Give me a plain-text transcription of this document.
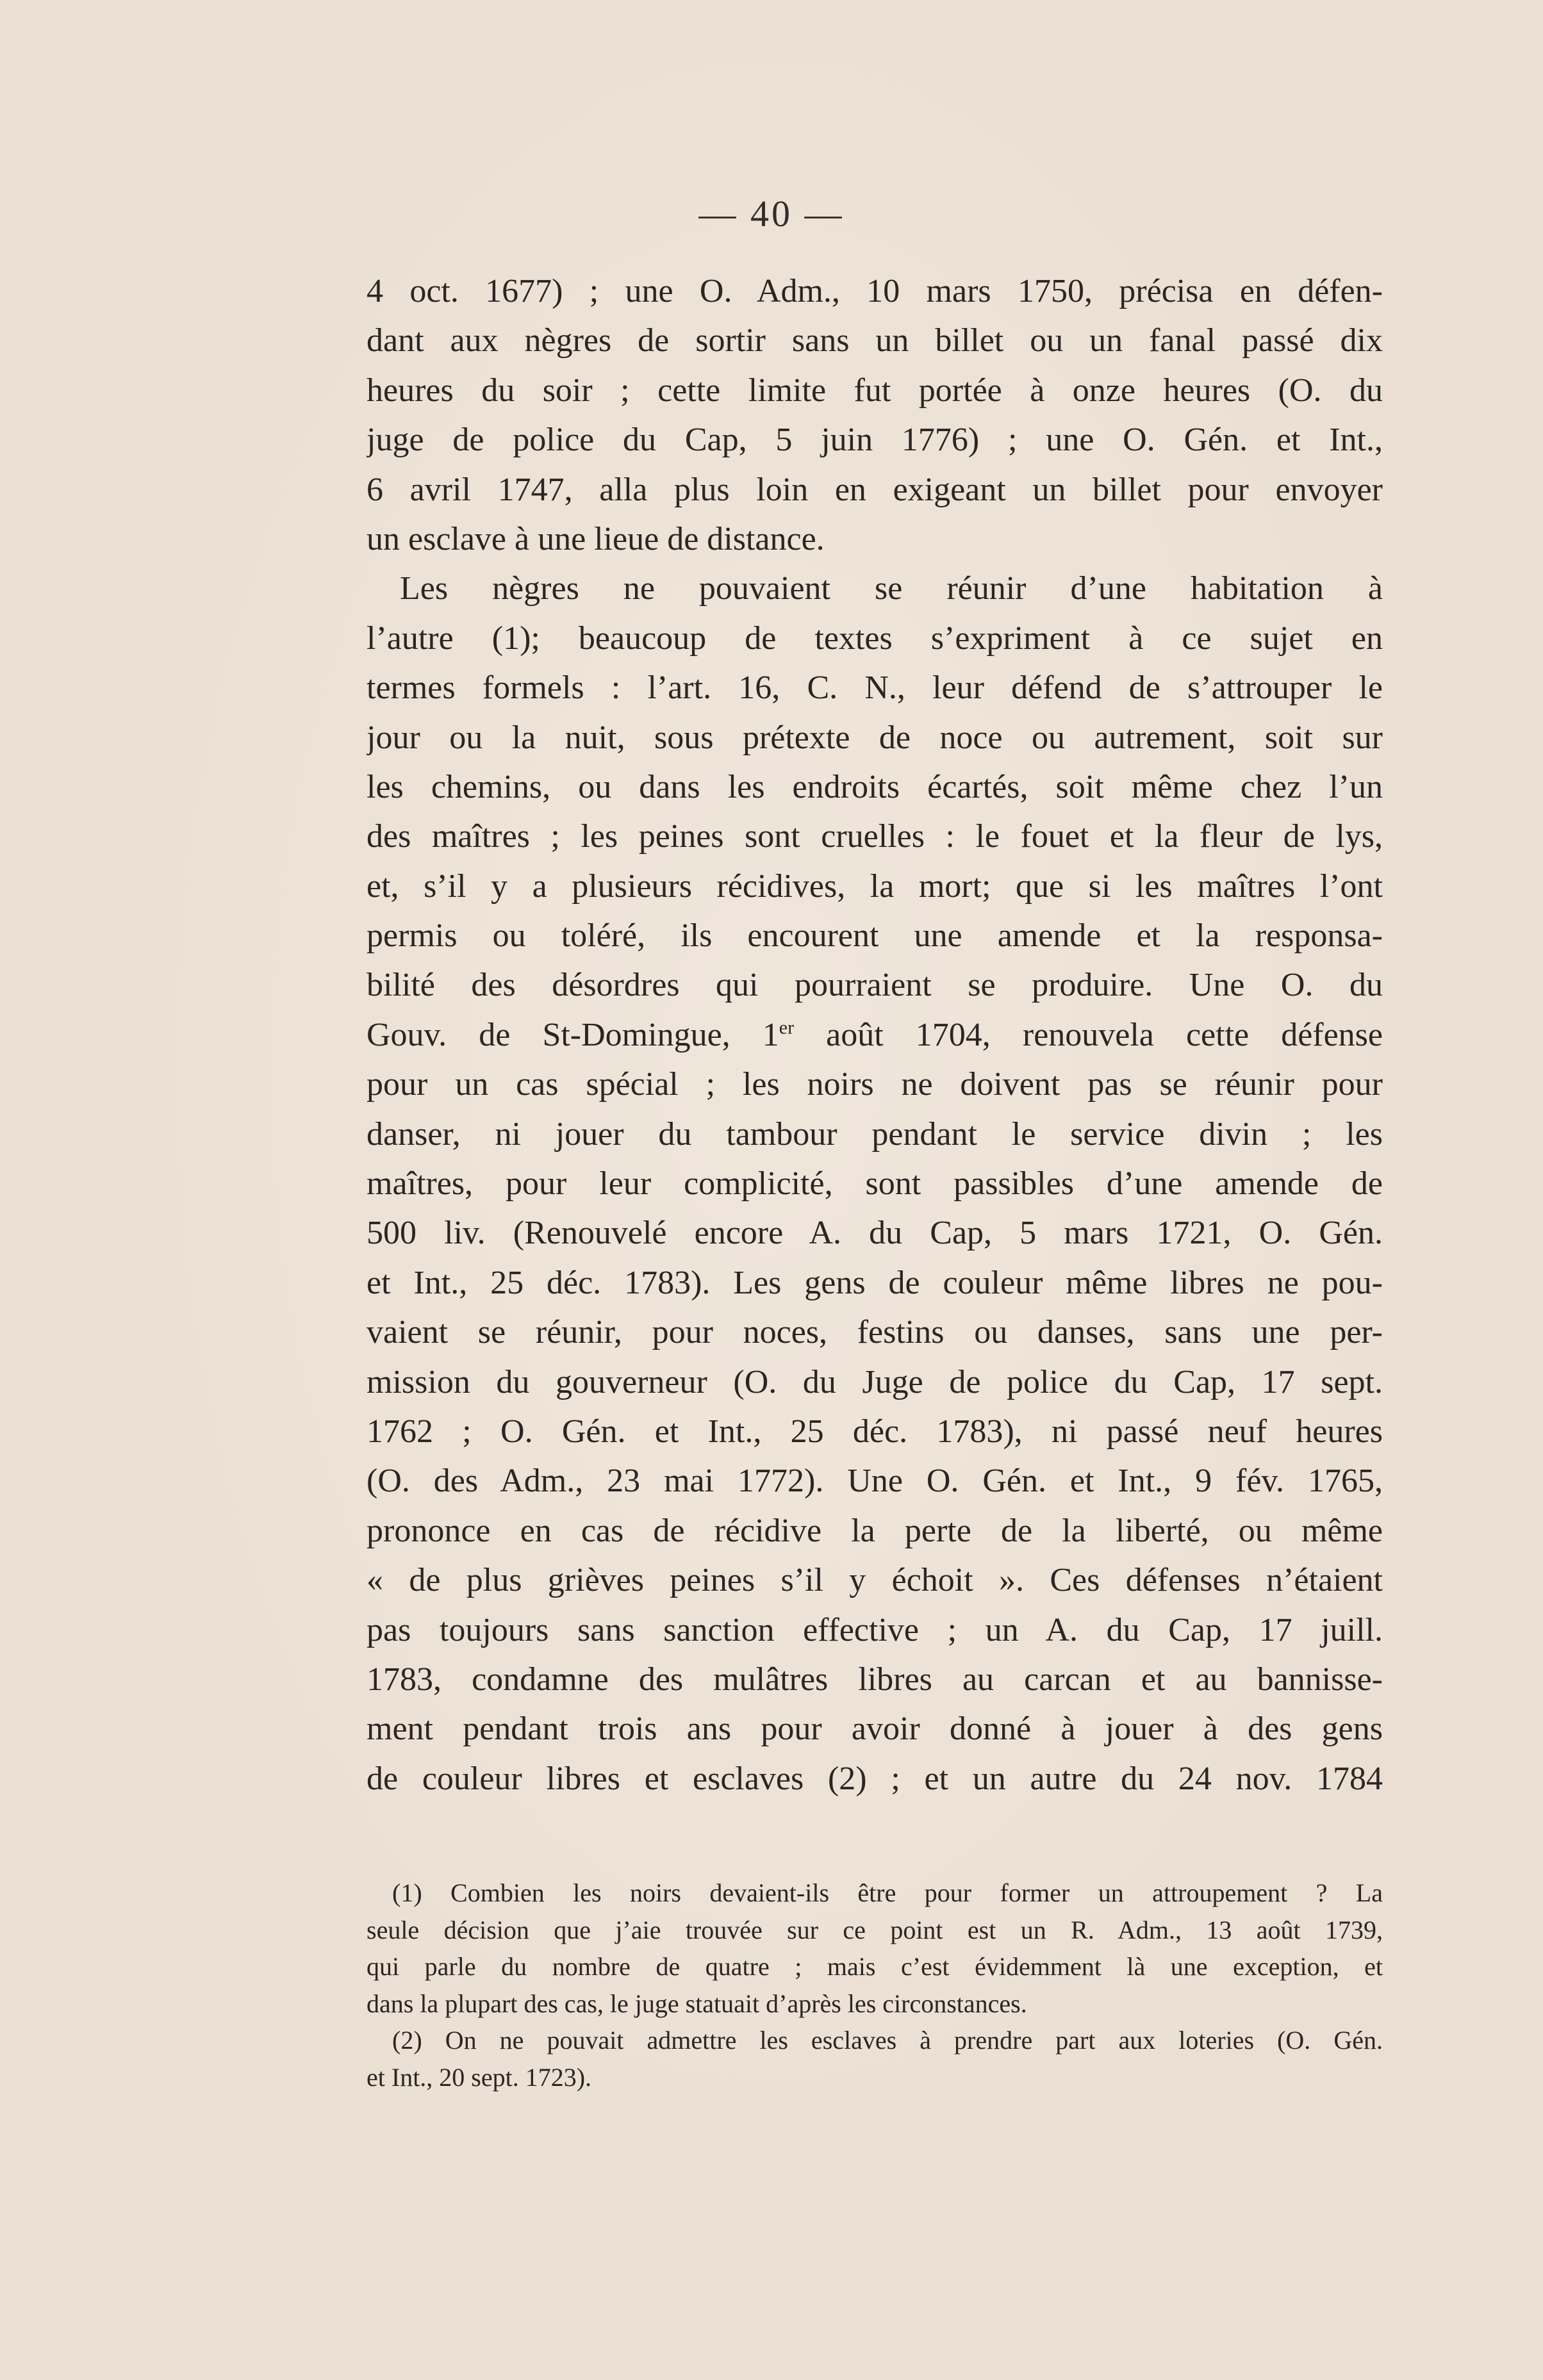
— 40 —
4 oct. 1677) ; une O. Adm., 10 mars 1750, précisa en défen-
dant aux nègres de sortir sans un billet ou un fanal passé dix
heures du soir ; cette limite fut portée à onze heures (O. du
juge de police du Cap, 5 juin 1776) ; une O. Gén. et Int.,
6 avril 1747, alla plus loin en exigeant un billet pour envoyer
un esclave à une lieue de distance.
Les nègres ne pouvaient se réunir d’une habitation à
l’autre (1); beaucoup de textes s’expriment à ce sujet en
termes formels : l’art. 16, C. N., leur défend de s’attrouper le
jour ou la nuit, sous prétexte de noce ou autrement, soit sur
les chemins, ou dans les endroits écartés, soit même chez l’un
des maîtres ; les peines sont cruelles : le fouet et la fleur de lys,
et, s’il y a plusieurs récidives, la mort; que si les maîtres l’ont
permis ou toléré, ils encourent une amende et la responsa-
bilité des désordres qui pourraient se produire. Une O. du
Gouv. de St-Domingue, 1er août 1704, renouvela cette défense
pour un cas spécial ; les noirs ne doivent pas se réunir pour
danser, ni jouer du tambour pendant le service divin ; les
maîtres, pour leur complicité, sont passibles d’une amende de
500 liv. (Renouvelé encore A. du Cap, 5 mars 1721, O. Gén.
et Int., 25 déc. 1783). Les gens de couleur même libres ne pou-
vaient se réunir, pour noces, festins ou danses, sans une per-
mission du gouverneur (O. du Juge de police du Cap, 17 sept.
1762 ; O. Gén. et Int., 25 déc. 1783), ni passé neuf heures
(O. des Adm., 23 mai 1772). Une O. Gén. et Int., 9 fév. 1765,
prononce en cas de récidive la perte de la liberté, ou même
« de plus grièves peines s’il y échoit ». Ces défenses n’étaient
pas toujours sans sanction effective ; un A. du Cap, 17 juill.
1783, condamne des mulâtres libres au carcan et au bannisse-
ment pendant trois ans pour avoir donné à jouer à des gens
de couleur libres et esclaves (2) ; et un autre du 24 nov. 1784
(1) Combien les noirs devaient-ils être pour former un attroupement ? La
seule décision que j’aie trouvée sur ce point est un R. Adm., 13 août 1739,
qui parle du nombre de quatre ; mais c’est évidemment là une exception, et
dans la plupart des cas, le juge statuait d’après les circonstances.
(2) On ne pouvait admettre les esclaves à prendre part aux loteries (O. Gén.
et Int., 20 sept. 1723).
